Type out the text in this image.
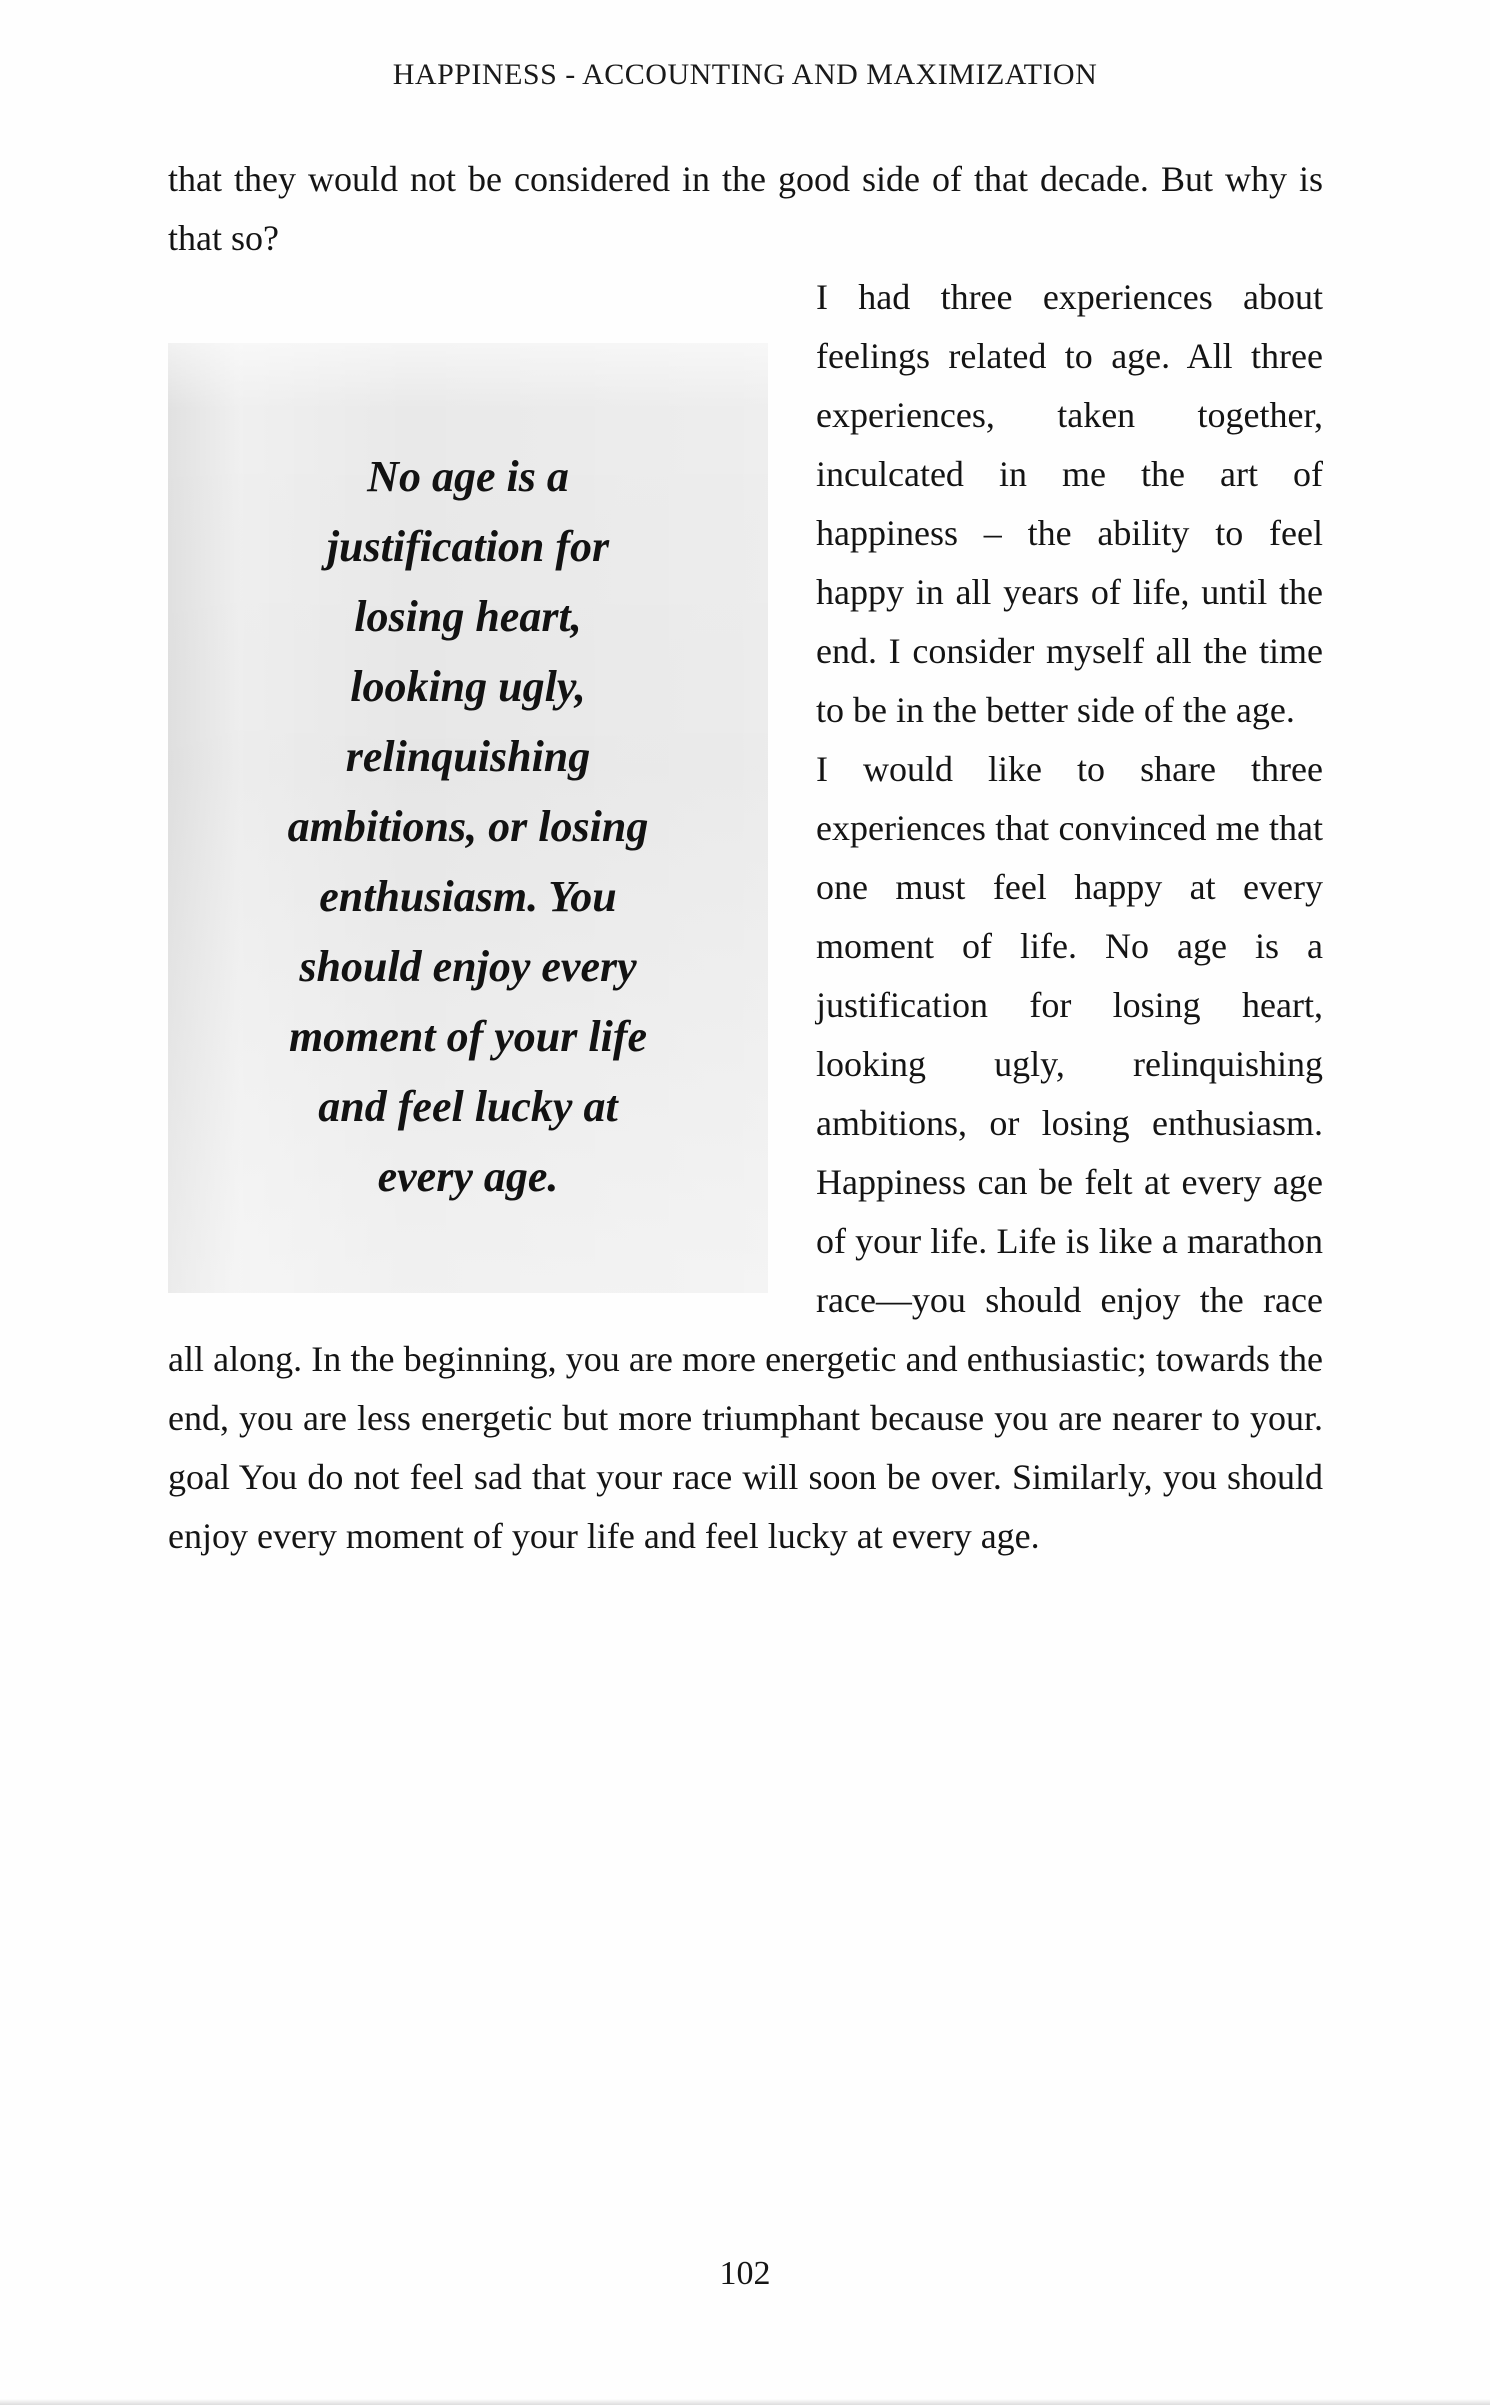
HAPPINESS - ACCOUNTING AND MAXIMIZATION

that they would not be considered in the good side of that decade. But why is that so?

No age is a
justification for
losing heart,
looking ugly,
relinquishing
ambitions, or losing
enthusiasm. You
should enjoy every
moment of your life
and feel lucky at
every age.

I had three experiences about feelings related to age. All three experiences, taken together, inculcated in me the art of happiness – the ability to feel happy in all years of life, until the end. I consider myself all the time to be in the better side of the age.

I would like to share three experiences that convinced me that one must feel happy at every moment of life. No age is a justification for losing heart, looking ugly, relinquishing ambitions, or losing enthusiasm. Happiness can be felt at every age of your life. Life is like a marathon race—you should enjoy the race all along. In the beginning, you are more energetic and enthusiastic; towards the end, you are less energetic but more triumphant because you are nearer to your. goal You do not feel sad that your race will soon be over. Similarly, you should enjoy every moment of your life and feel lucky at every age.

102
